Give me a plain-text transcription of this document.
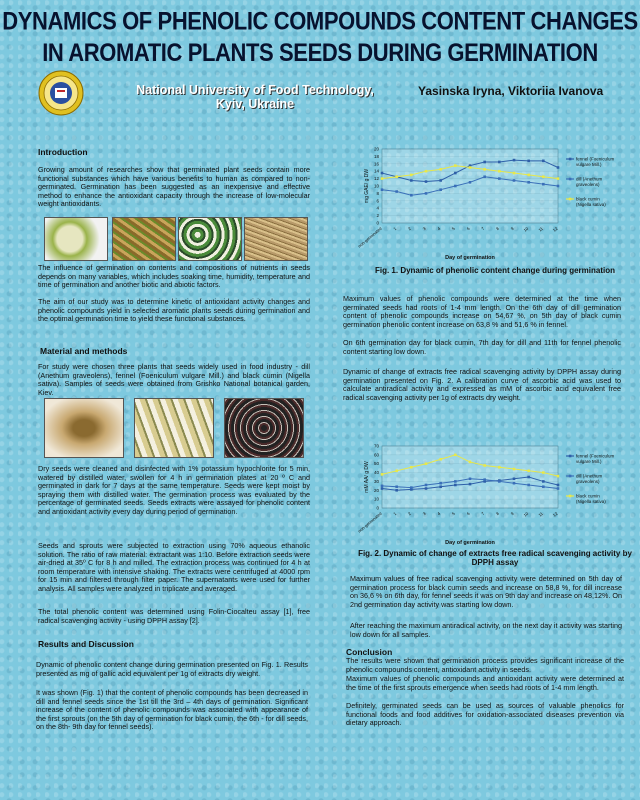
DYNAMICS OF PHENOLIC COMPOUNDS CONTENT CHANGES
IN AROMATIC PLANTS SEEDS DURING GERMINATION
National University of Food Technology,
Kyiv, Ukraine
Yasinska Iryna, Viktoriia Ivanova
Introduction
Growing amount of researches show that germinated plant seeds contain more functional substances which have various benefits to human as compared to non-germinated. Germination has been suggested as an inexpensive and effective method to enhance the antioxidant capacity through the increase of low-molecular weight antioxidants.
The influence of germination on contents and compositions of nutrients in seeds depends on many variables, which includes soaking time, humidity, temperature and time of germination and another biotic and abiotic factors.
The aim of our study was to determine kinetic of antioxidant activity changes and phenolic compounds yield in selected aromatic plants seeds during germination and the optimal germination time to yield these functional substances.
Material and methods
For study were chosen three plants that seeds widely used in food industry - dill (Anethum graveolens), fennel (Foeniculum vulgare Mill.) and black cumin (Nigella sativa). Samples of seeds were obtained from Grishko National botanical garden, Kiev.
Dry seeds were cleaned and disinfected with 1% potassium hypochlorite for 5 min, watered by distilled water, swollen for 4 h in germination plates at 20 º C and germinated in dark for 7 days at the same temperature. Seeds were kept moist by spraying them with distilled water. The germination process was evaluated by the percentage of germinated seeds. Seeds extracts were assayed for phenolic content and antioxidant activity every day during period of germination.
Seeds and sprouts were subjected to extraction using 70% aqueous ethanolic solution. The ratio of raw material: extractant was 1:10. Before extraction seeds were air-dried at 35º C for 8 h and milled. The extraction process was continued for 4 h at room temperature with intensive shaking. The extracts were centrifuged at 4000 rpm for 15 min and filtered through filter paper. The supernatants were used for further analysis. All samples were analyzed in triplicate and averaged.
The total phenolic content was determined using Folin-Ciocalteu assay [1], free radical scavenging activity - using DPPH assay [2].
Results and Discussion
Dynamic of phenolic content change during germination presented on Fig. 1. Results presented as mg of gallic acid equivalent per 1g of extracts dry weight.
It was shown (Fig. 1) that the content of phenolic compounds has been decreased in dill and fennel seeds since the 1st till the 3rd – 4th days of germination. Significant increase of the content of phenolic compounds was associated with appearance of the first sprouts (on the 5th day of germination for black cumin, the 6th - for dill seeds, on the 8th- 9th day for fennel seeds).
0
2
4
6
8
10
12
14
16
18
20
mg GAE/ g DW
non-germinated 1 2 3 4 5 6 7 8 9 10 11 12
Day of germination
fennel (Foeniculum vulgare Mill.)
dill (Anethum graveolens)
black cumin (Nigella sativa)
Fig. 1. Dynamic of phenolic content change during germination
Maximum values of phenolic compounds were determined at the time when germinated seeds had roots of 1-4 mm length. On the 6th day of dill germination content of phenolic compounds increase on 54,67 %, on 5th day of black cumin germination phenolic content increase on 63,8 % and 51,6 % in fennel.
On 6th germination day for black cumin, 7th day for dill and 11th for fennel phenolic content starting low down.
Dynamic of change of extracts free radical scavenging activity by DPPH assay during germination presented on Fig. 2. A calibration curve of ascorbic acid was used to calculate antiradical activity and expressed as mM of ascorbic acid equivalent free radical scavenging activity per 1g of extracts dry weight.
0
10
20
30
40
50
60
70
mM AA/ g DW
non-germinated 1 2 3 4 5 6 7 8 9 10 11 12
Day of germination
fennel (Foeniculum vulgare Mill.)
dill (Anethum graveolens)
black cumin (Nigella sativa)
Fig. 2. Dynamic of change of extracts free radical scavenging activity by DPPH assay
Maximum values of free radical scavenging activity were determined on 5th day of germination process for black cumin seeds and increase on 58,8 %, for dill increase on 36,6 % on 6th day, for fennel seeds it was on 9th day and increase on 48,12%. On 2nd germination day activity was starting low down.
After reaching the maximum antiradical activity, on the next day it activity was starting low down for all samples.
Conclusion
The results were shown that germination process provides significant increase of the phenolic compounds content, antioxidant activity in seeds.
Maximum values of phenolic compounds and antioxidant activity were determined at the time of the first sprouts emergence when seeds had roots of 1-4 mm length.
Definitely, germinated seeds can be used as sources of valuable phenolics for functional foods and food additives for oxidation-associated diseases prevention via dietary approach.
